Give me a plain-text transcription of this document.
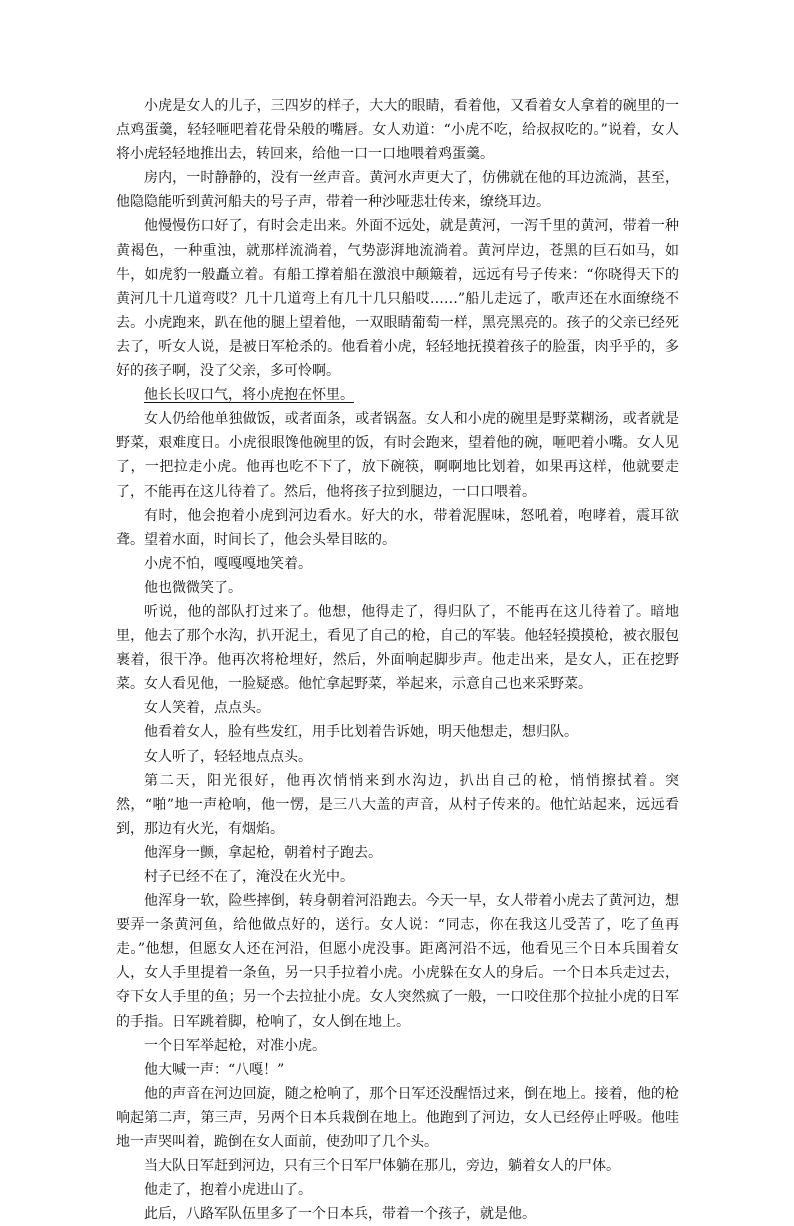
小虎是女人的儿子，三四岁的样子，大大的眼睛，看着他，又看着女人拿着的碗里的一点鸡蛋羹，轻轻咂吧着花骨朵般的嘴唇。女人劝道：“小虎不吃，给叔叔吃的。”说着，女人将小虎轻轻地推出去，转回来，给他一口一口地喂着鸡蛋羹。

房内，一时静静的，没有一丝声音。黄河水声更大了，仿佛就在他的耳边流淌，甚至，他隐隐能听到黄河船夫的号子声，带着一种沙哑悲壮传来，缭绕耳边。

他慢慢伤口好了，有时会走出来。外面不远处，就是黄河，一泻千里的黄河，带着一种黄褐色，一种重浊，就那样流淌着，气势澎湃地流淌着。黄河岸边，苍黑的巨石如马，如牛，如虎豹一般矗立着。有船工撑着船在激浪中颠簸着，远远有号子传来：“你晓得天下的黄河几十几道弯哎？几十几道弯上有几十几只船哎……”船儿走远了，歌声还在水面缭绕不去。小虎跑来，趴在他的腿上望着他，一双眼睛葡萄一样，黑亮黑亮的。孩子的父亲已经死去了，听女人说，是被日军枪杀的。他看着小虎，轻轻地抚摸着孩子的脸蛋，肉乎乎的，多好的孩子啊，没了父亲，多可怜啊。

他长长叹口气，将小虎抱在怀里。

女人仍给他单独做饭，或者面条，或者锅盔。女人和小虎的碗里是野菜糊汤，或者就是野菜，艰难度日。小虎很眼馋他碗里的饭，有时会跑来，望着他的碗，咂吧着小嘴。女人见了，一把拉走小虎。他再也吃不下了，放下碗筷，啊啊地比划着，如果再这样，他就要走了，不能再在这儿待着了。然后，他将孩子拉到腿边，一口口喂着。

有时，他会抱着小虎到河边看水。好大的水，带着泥腥味，怒吼着，咆哮着，震耳欲聋。望着水面，时间长了，他会头晕目眩的。

小虎不怕，嘎嘎嘎地笑着。

他也微微笑了。

听说，他的部队打过来了。他想，他得走了，得归队了，不能再在这儿待着了。暗地里，他去了那个水沟，扒开泥土，看见了自己的枪，自己的军装。他轻轻摸摸枪，被衣服包裹着，很干净。他再次将枪埋好，然后，外面响起脚步声。他走出来，是女人，正在挖野菜。女人看见他，一脸疑惑。他忙拿起野菜，举起来，示意自己也来采野菜。

女人笑着，点点头。

他看着女人，脸有些发红，用手比划着告诉她，明天他想走，想归队。

女人听了，轻轻地点点头。

第二天，阳光很好，他再次悄悄来到水沟边，扒出自己的枪，悄悄擦拭着。突然，“啪”地一声枪响，他一愣，是三八大盖的声音，从村子传来的。他忙站起来，远远看到，那边有火光，有烟焰。

他浑身一颤，拿起枪，朝着村子跑去。

村子已经不在了，淹没在火光中。

他浑身一软，险些摔倒，转身朝着河沿跑去。今天一早，女人带着小虎去了黄河边，想要弄一条黄河鱼，给他做点好的，送行。女人说：“同志，你在我这儿受苦了，吃了鱼再走。”他想，但愿女人还在河沿，但愿小虎没事。距离河沿不远，他看见三个日本兵围着女人，女人手里提着一条鱼，另一只手拉着小虎。小虎躲在女人的身后。一个日本兵走过去，夺下女人手里的鱼；另一个去拉扯小虎。女人突然疯了一般，一口咬住那个拉扯小虎的日军的手指。日军跳着脚，枪响了，女人倒在地上。

一个日军举起枪，对准小虎。

他大喊一声：“八嘎！”

他的声音在河边回旋，随之枪响了，那个日军还没醒悟过来，倒在地上。接着，他的枪响起第二声，第三声，另两个日本兵栽倒在地上。他跑到了河边，女人已经停止呼吸。他哇地一声哭叫着，跪倒在女人面前，使劲叩了几个头。

当大队日军赶到河边，只有三个日军尸体躺在那儿，旁边，躺着女人的尸体。

他走了，抱着小虎进山了。

此后，八路军队伍里多了一个日本兵，带着一个孩子，就是他。
